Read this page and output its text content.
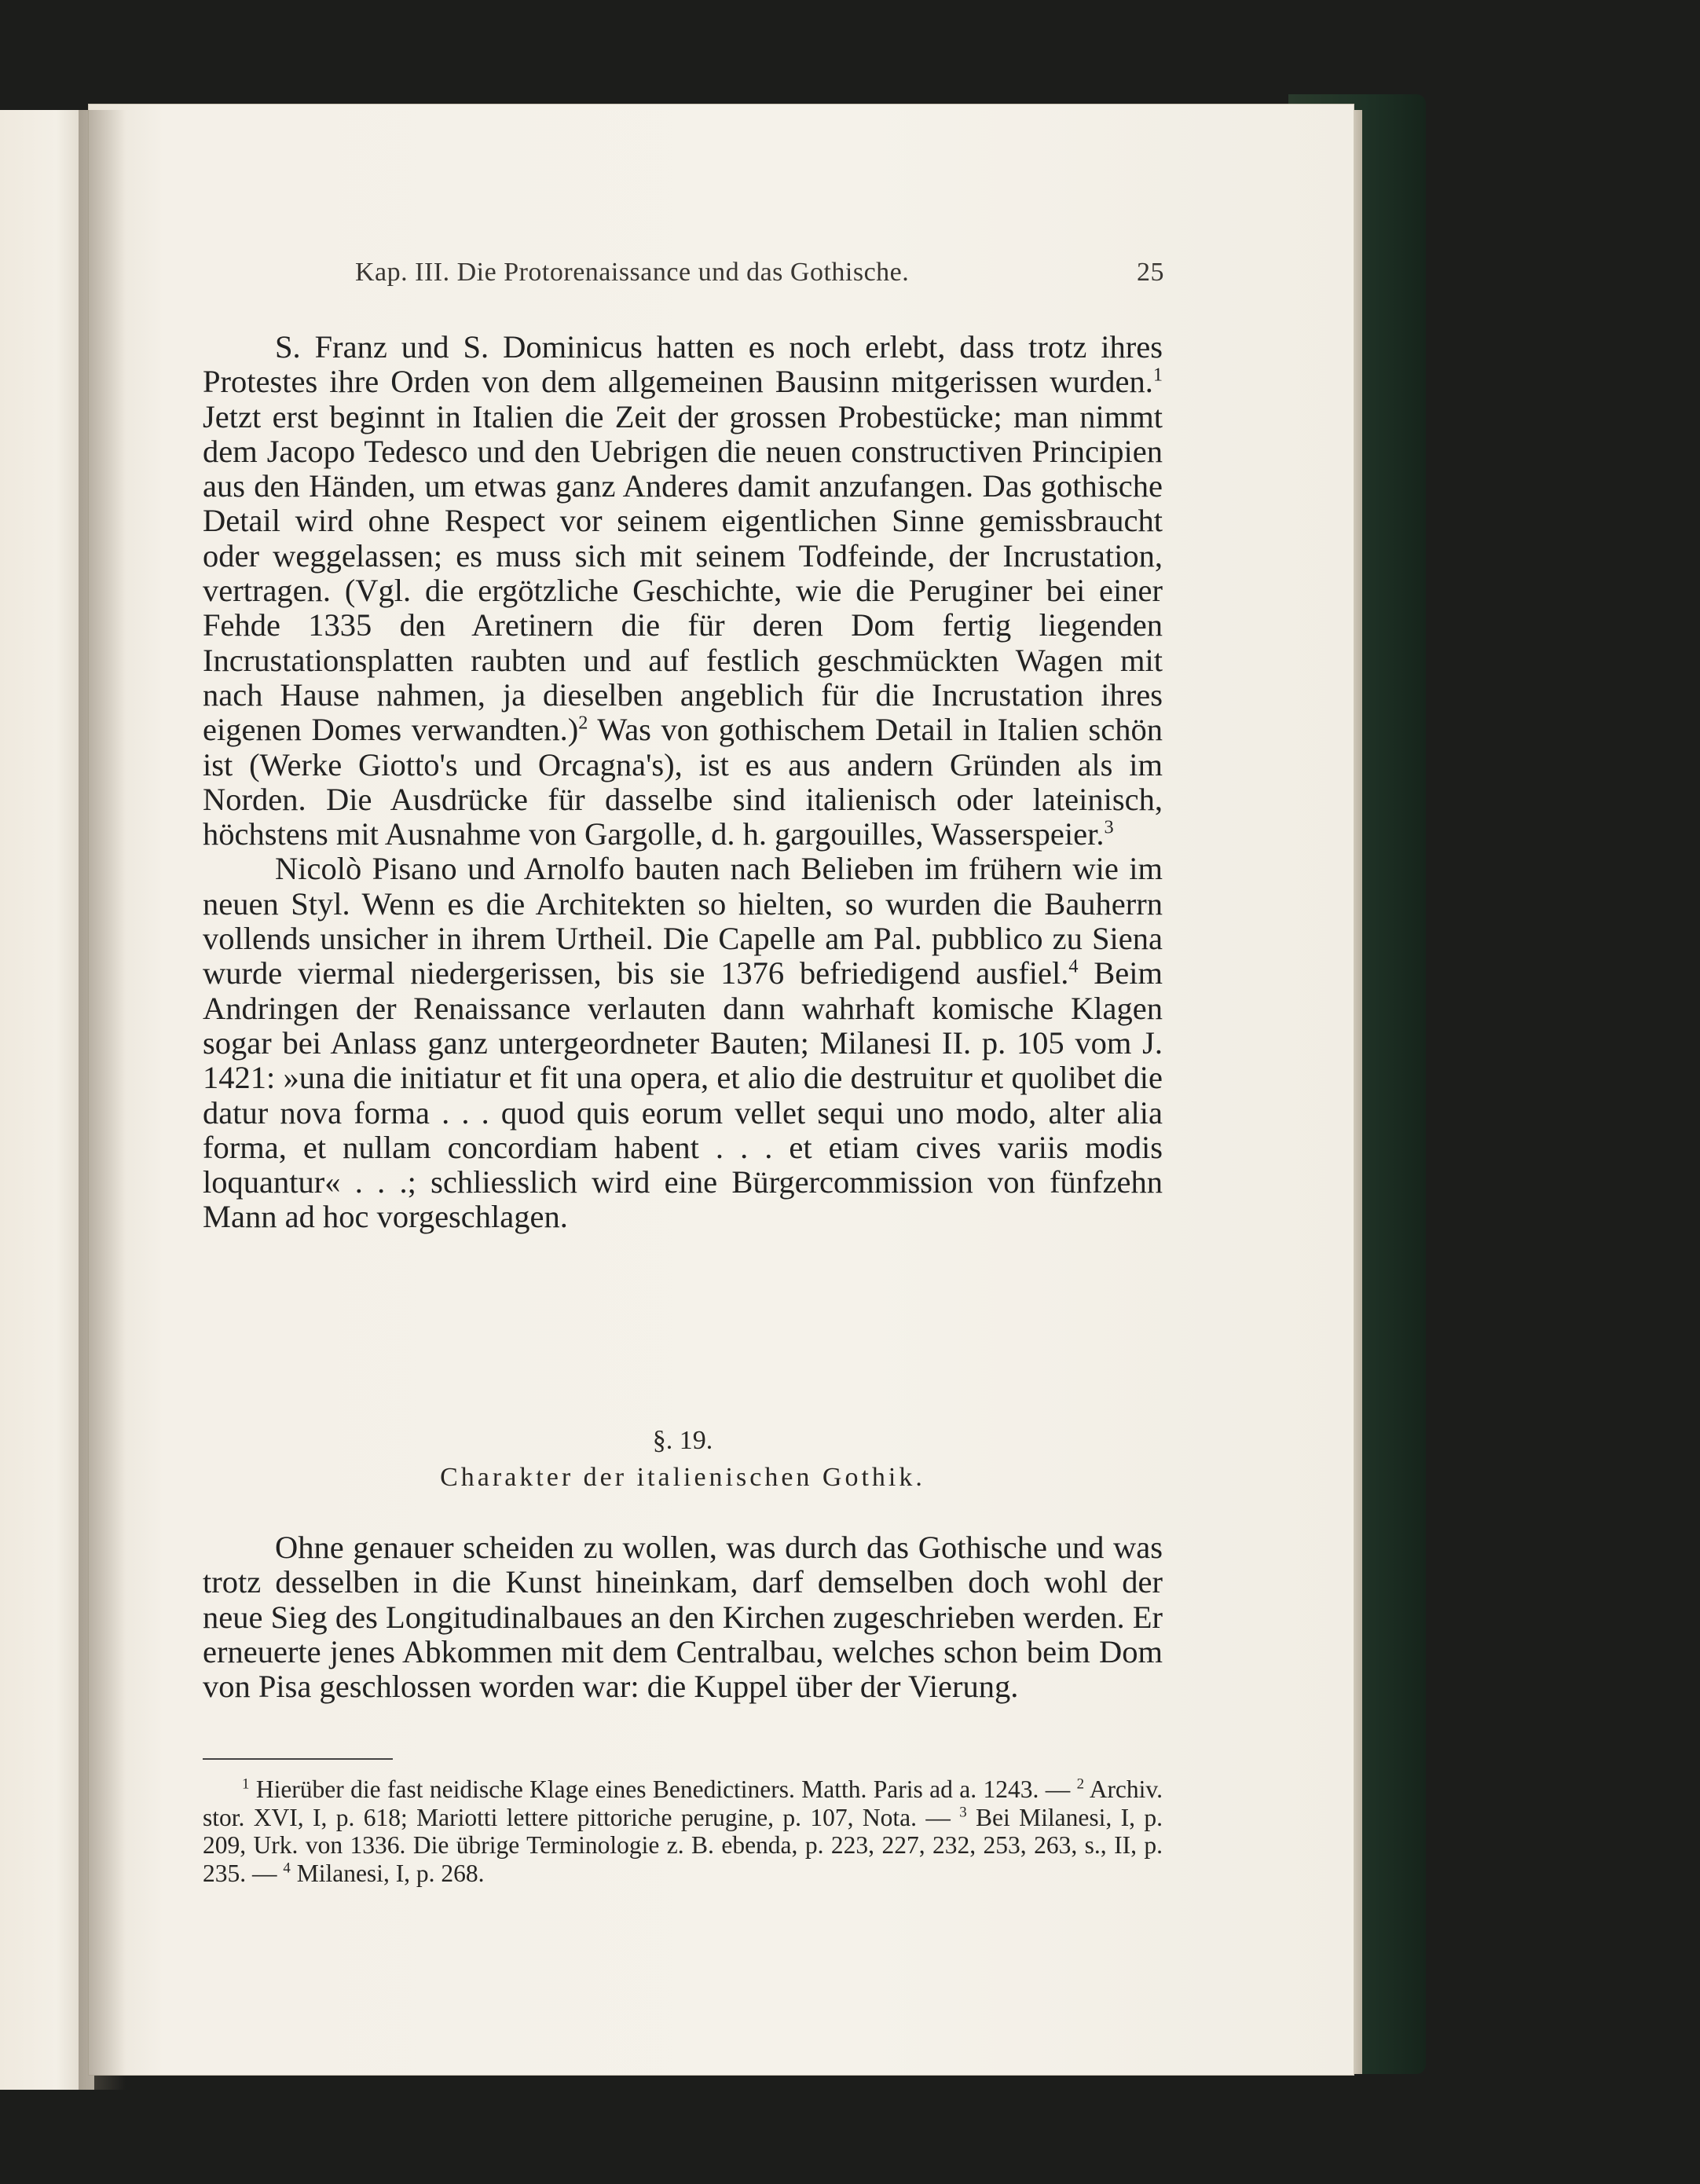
Kap. III. Die Protorenaissance und das Gothische.	25

S. Franz und S. Dominicus hatten es noch erlebt, dass trotz ihres Protestes ihre Orden von dem allgemeinen Bausinn mitgerissen wurden.$^1$ Jetzt erst beginnt in Italien die Zeit der grossen Probestücke; man nimmt dem Jacopo Tedesco und den Uebrigen die neuen constructiven Principien aus den Händen, um etwas ganz Anderes damit anzufangen. Das gothische Detail wird ohne Respect vor seinem eigentlichen Sinne gemissbraucht oder weggelassen; es muss sich mit seinem Todfeinde, der Incrustation, vertragen. (Vgl. die ergötzliche Geschichte, wie die Peruginer bei einer Fehde 1335 den Aretinern die für deren Dom fertig liegenden Incrustationsplatten raubten und auf festlich geschmückten Wagen mit nach Hause nahmen, ja dieselben angeblich für die Incrustation ihres eigenen Domes verwandten.)$^2$ Was von gothischem Detail in Italien schön ist (Werke Giotto's und Orcagna's), ist es aus andern Gründen als im Norden. Die Ausdrücke für dasselbe sind italienisch oder lateinisch, höchstens mit Ausnahme von Gargolle, d. h. gargouilles, Wasserspeier.$^3$

Nicolò Pisano und Arnolfo bauten nach Belieben im frühern wie im neuen Styl. Wenn es die Architekten so hielten, so wurden die Bauherrn vollends unsicher in ihrem Urtheil. Die Capelle am Pal. pubblico zu Siena wurde viermal niedergerissen, bis sie 1376 befriedigend ausfiel.$^4$ Beim Andringen der Renaissance verlauten dann wahrhaft komische Klagen sogar bei Anlass ganz untergeordneter Bauten; Milanesi II. p. 105 vom J. 1421: »una die initiatur et fit una opera, et alio die destruitur et quolibet die datur nova forma . . . quod quis eorum vellet sequi uno modo, alter alia forma, et nullam concordiam habent . . . et etiam cives variis modis loquantur« . . .; schliesslich wird eine Bürgercommission von fünfzehn Mann ad hoc vorgeschlagen.

§. 19.
Charakter der italienischen Gothik.

Ohne genauer scheiden zu wollen, was durch das Gothische und was trotz desselben in die Kunst hineinkam, darf demselben doch wohl der neue Sieg des Longitudinalbaues an den Kirchen zugeschrieben werden. Er erneuerte jenes Abkommen mit dem Centralbau, welches schon beim Dom von Pisa geschlossen worden war: die Kuppel über der Vierung.

$^1$ Hierüber die fast neidische Klage eines Benedictiners. Matth. Paris ad a. 1243. — $^2$ Archiv. stor. XVI, I, p. 618; Mariotti lettere pittoriche perugine, p. 107, Nota. — $^3$ Bei Milanesi, I, p. 209, Urk. von 1336. Die übrige Terminologie z. B. ebenda, p. 223, 227, 232, 253, 263, s., II, p. 235. — $^4$ Milanesi, I, p. 268.
